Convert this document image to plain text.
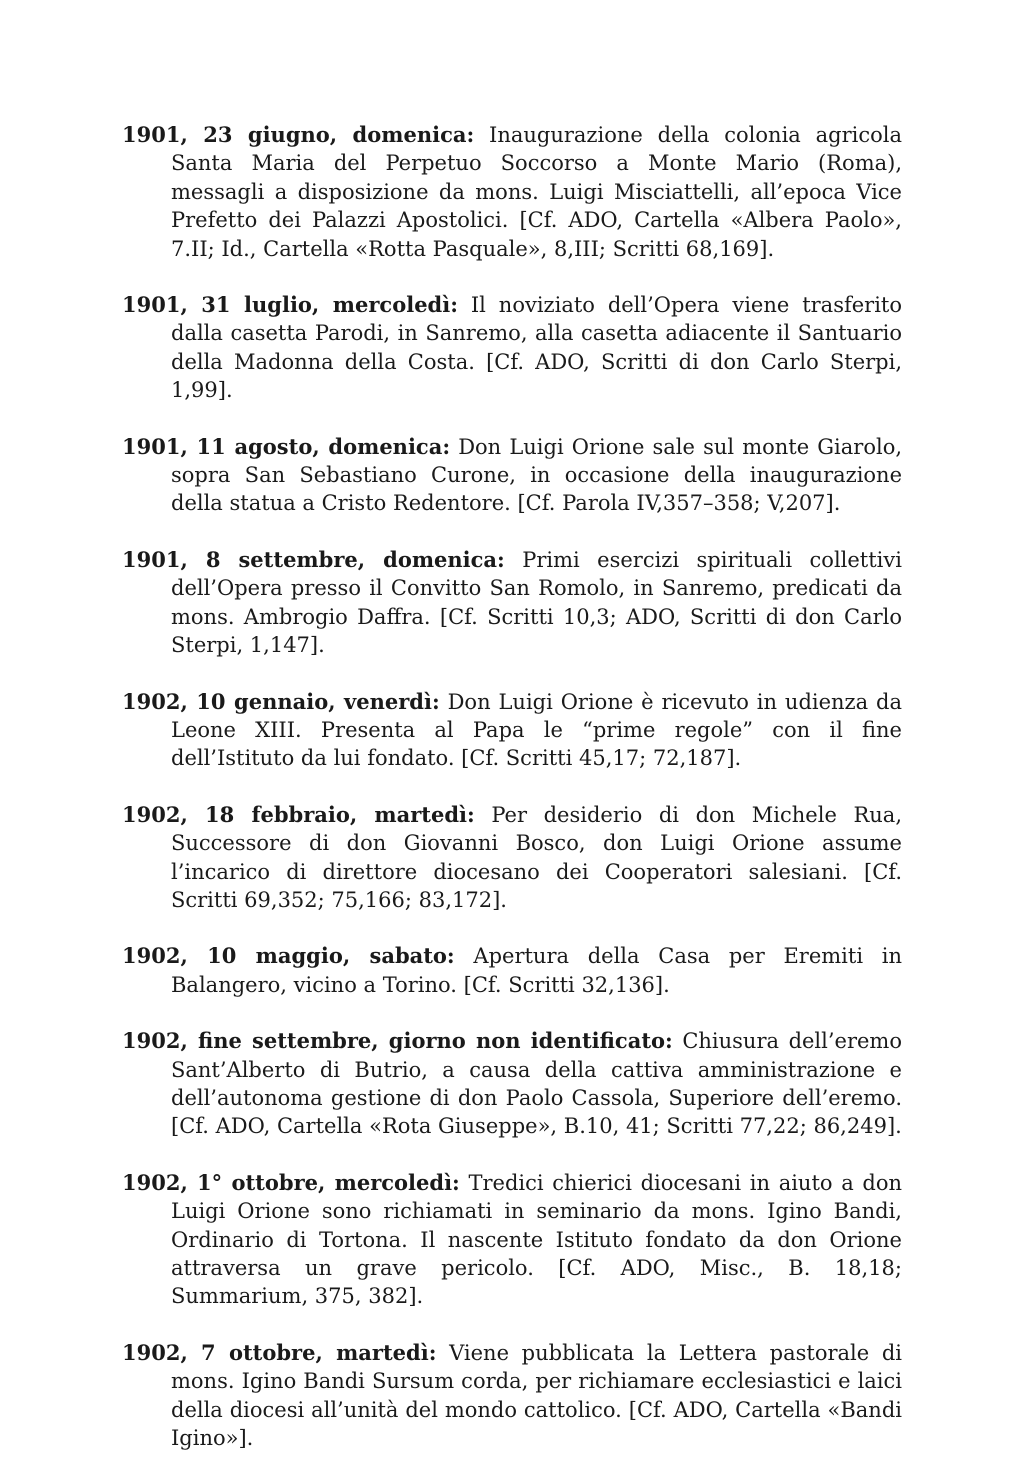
1901, 23 giugno, domenica: Inaugurazione della colonia agricola Santa Maria del Perpetuo Soccorso a Monte Mario (Roma), messagli a disposizione da mons. Luigi Misciattelli, all’epoca Vice Prefetto dei Palazzi Apostolici. [Cf. ADO, Cartella «Albera Paolo», 7.II; Id., Cartella «Rotta Pasquale», 8,III; Scritti 68,169].

1901, 31 luglio, mercoledì: Il noviziato dell’Opera viene trasferito dalla casetta Parodi, in Sanremo, alla casetta adiacente il Santuario della Madonna della Costa. [Cf. ADO, Scritti di don Carlo Sterpi, 1,99].

1901, 11 agosto, domenica: Don Luigi Orione sale sul monte Giarolo, sopra San Sebastiano Curone, in occasione della inaugurazione della statua a Cristo Redentore. [Cf. Parola IV,357–358; V,207].

1901, 8 settembre, domenica: Primi esercizi spirituali collettivi dell’Opera presso il Convitto San Romolo, in Sanremo, predicati da mons. Ambrogio Daffra. [Cf. Scritti 10,3; ADO, Scritti di don Carlo Sterpi, 1,147].

1902, 10 gennaio, venerdì: Don Luigi Orione è ricevuto in udienza da Leone XIII. Presenta al Papa le “prime regole” con il fine dell’Istituto da lui fondato. [Cf. Scritti 45,17; 72,187].

1902, 18 febbraio, martedì: Per desiderio di don Michele Rua, Successore di don Giovanni Bosco, don Luigi Orione assume l’incarico di direttore diocesano dei Cooperatori salesiani. [Cf. Scritti 69,352; 75,166; 83,172].

1902, 10 maggio, sabato: Apertura della Casa per Eremiti in Balangero, vicino a Torino. [Cf. Scritti 32,136].

1902, fine settembre, giorno non identificato: Chiusura dell’eremo Sant’Alberto di Butrio, a causa della cattiva amministrazione e dell’autonoma gestione di don Paolo Cassola, Superiore dell’eremo. [Cf. ADO, Cartella «Rota Giuseppe», B.10, 41; Scritti 77,22; 86,249].

1902, 1° ottobre, mercoledì: Tredici chierici diocesani in aiuto a don Luigi Orione sono richiamati in seminario da mons. Igino Bandi, Ordinario di Tortona. Il nascente Istituto fondato da don Orione attraversa un grave pericolo. [Cf. ADO, Misc., B. 18,18; Summarium, 375, 382].

1902, 7 ottobre, martedì: Viene pubblicata la Lettera pastorale di mons. Igino Bandi Sursum corda, per richiamare ecclesiastici e laici della diocesi all’unità del mondo cattolico. [Cf. ADO, Cartella «Bandi Igino»].
